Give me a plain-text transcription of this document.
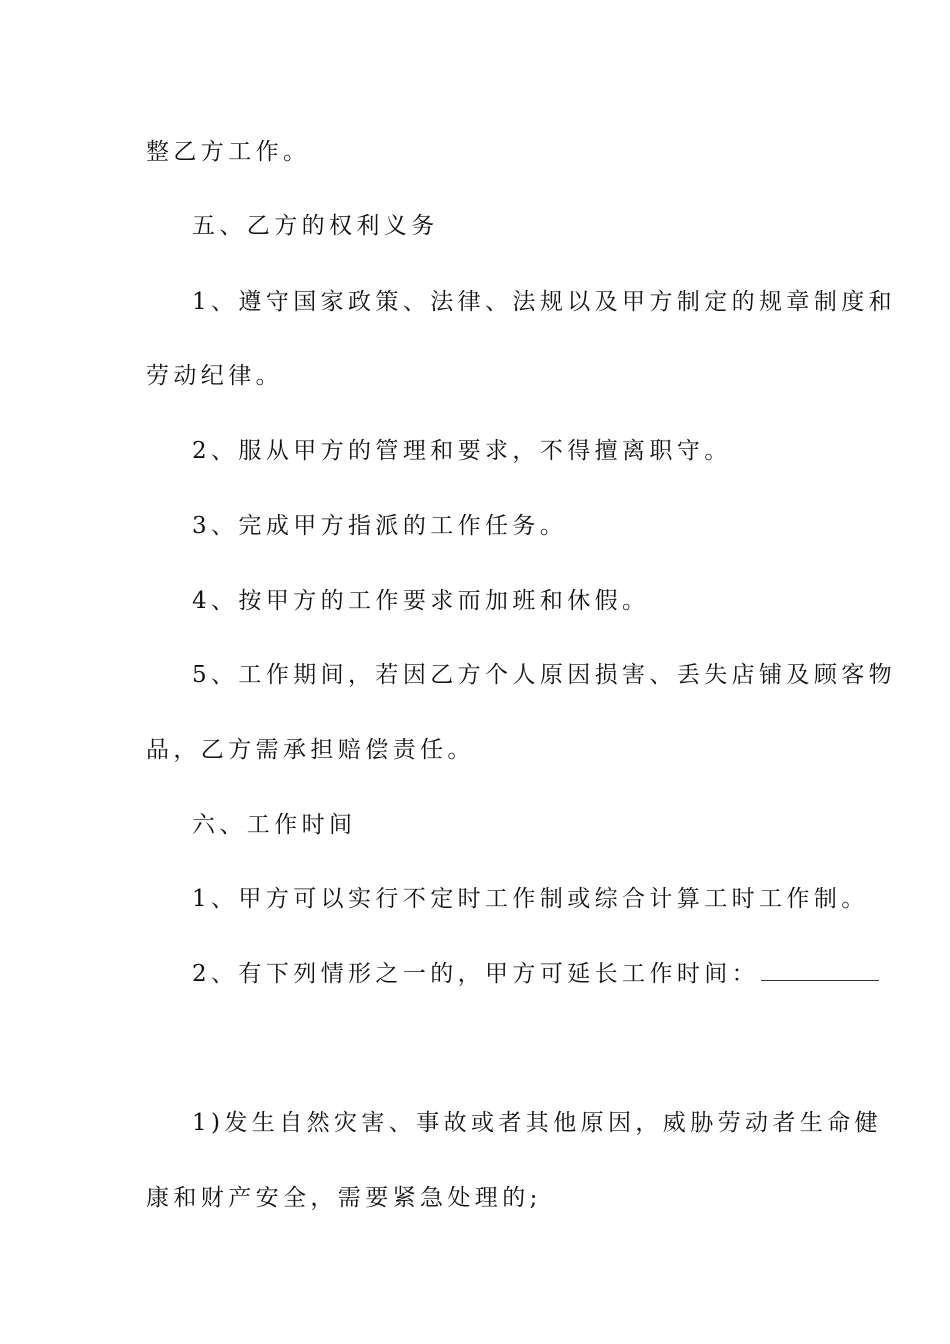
整乙方工作。
五、乙方的权利义务
1、遵守国家政策、法律、法规以及甲方制定的规章制度和
劳动纪律。
2、服从甲方的管理和要求，不得擅离职守。
3、完成甲方指派的工作任务。
4、按甲方的工作要求而加班和休假。
5、工作期间，若因乙方个人原因损害、丢失店铺及顾客物
品，乙方需承担赔偿责任。
六、工作时间
1、甲方可以实行不定时工作制或综合计算工时工作制。
2、有下列情形之一的，甲方可延长工作时间：
1)发生自然灾害、事故或者其他原因，威胁劳动者生命健
康和财产安全，需要紧急处理的;
